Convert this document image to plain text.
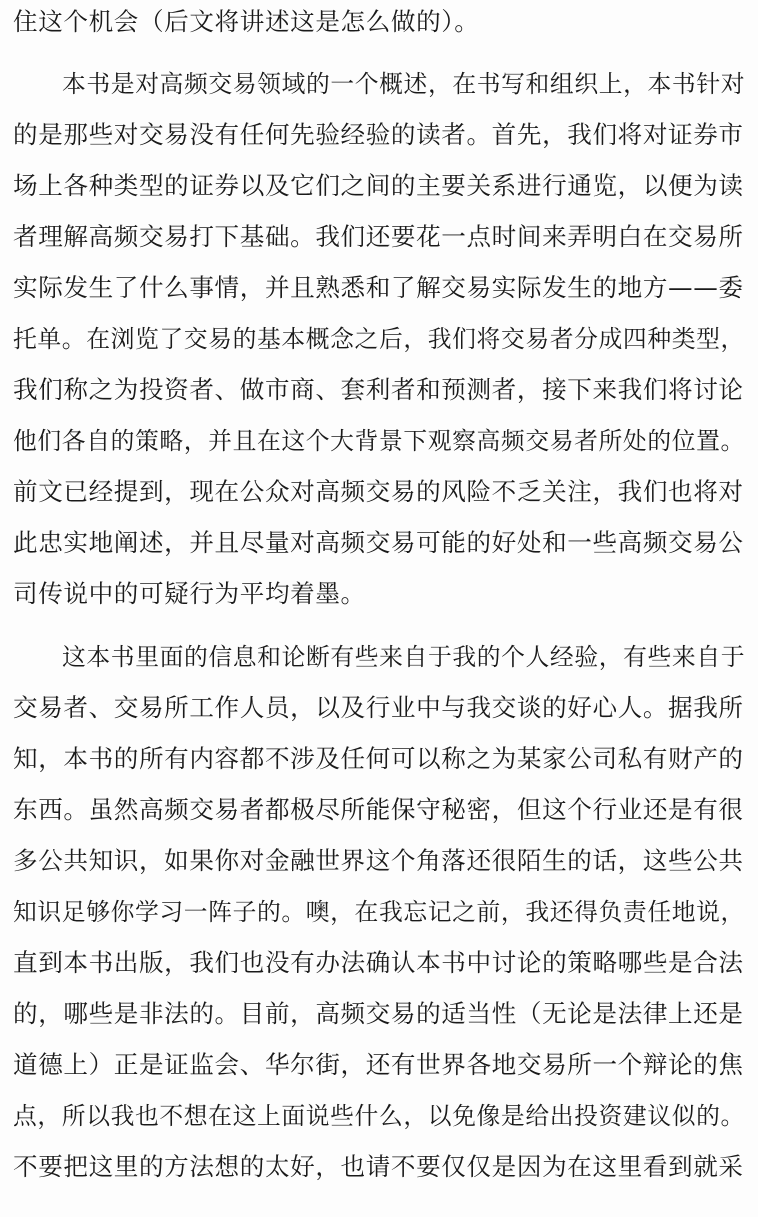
住这个机会（后文将讲述这是怎么做的）。
本书是对高频交易领域的一个概述，在书写和组织上，本书针对
的是那些对交易没有任何先验经验的读者。首先，我们将对证券市
场上各种类型的证券以及它们之间的主要关系进行通览，以便为读
者理解高频交易打下基础。我们还要花一点时间来弄明白在交易所
实际发生了什么事情，并且熟悉和了解交易实际发生的地方——委
托单。在浏览了交易的基本概念之后，我们将交易者分成四种类型，
我们称之为投资者、做市商、套利者和预测者，接下来我们将讨论
他们各自的策略，并且在这个大背景下观察高频交易者所处的位置。
前文已经提到，现在公众对高频交易的风险不乏关注，我们也将对
此忠实地阐述，并且尽量对高频交易可能的好处和一些高频交易公
司传说中的可疑行为平均着墨。
这本书里面的信息和论断有些来自于我的个人经验，有些来自于
交易者、交易所工作人员，以及行业中与我交谈的好心人。据我所
知，本书的所有内容都不涉及任何可以称之为某家公司私有财产的
东西。虽然高频交易者都极尽所能保守秘密，但这个行业还是有很
多公共知识，如果你对金融世界这个角落还很陌生的话，这些公共
知识足够你学习一阵子的。噢，在我忘记之前，我还得负责任地说，
直到本书出版，我们也没有办法确认本书中讨论的策略哪些是合法
的，哪些是非法的。目前，高频交易的适当性（无论是法律上还是
道德上）正是证监会、华尔街，还有世界各地交易所一个辩论的焦
点，所以我也不想在这上面说些什么，以免像是给出投资建议似的。
不要把这里的方法想的太好，也请不要仅仅是因为在这里看到就采
